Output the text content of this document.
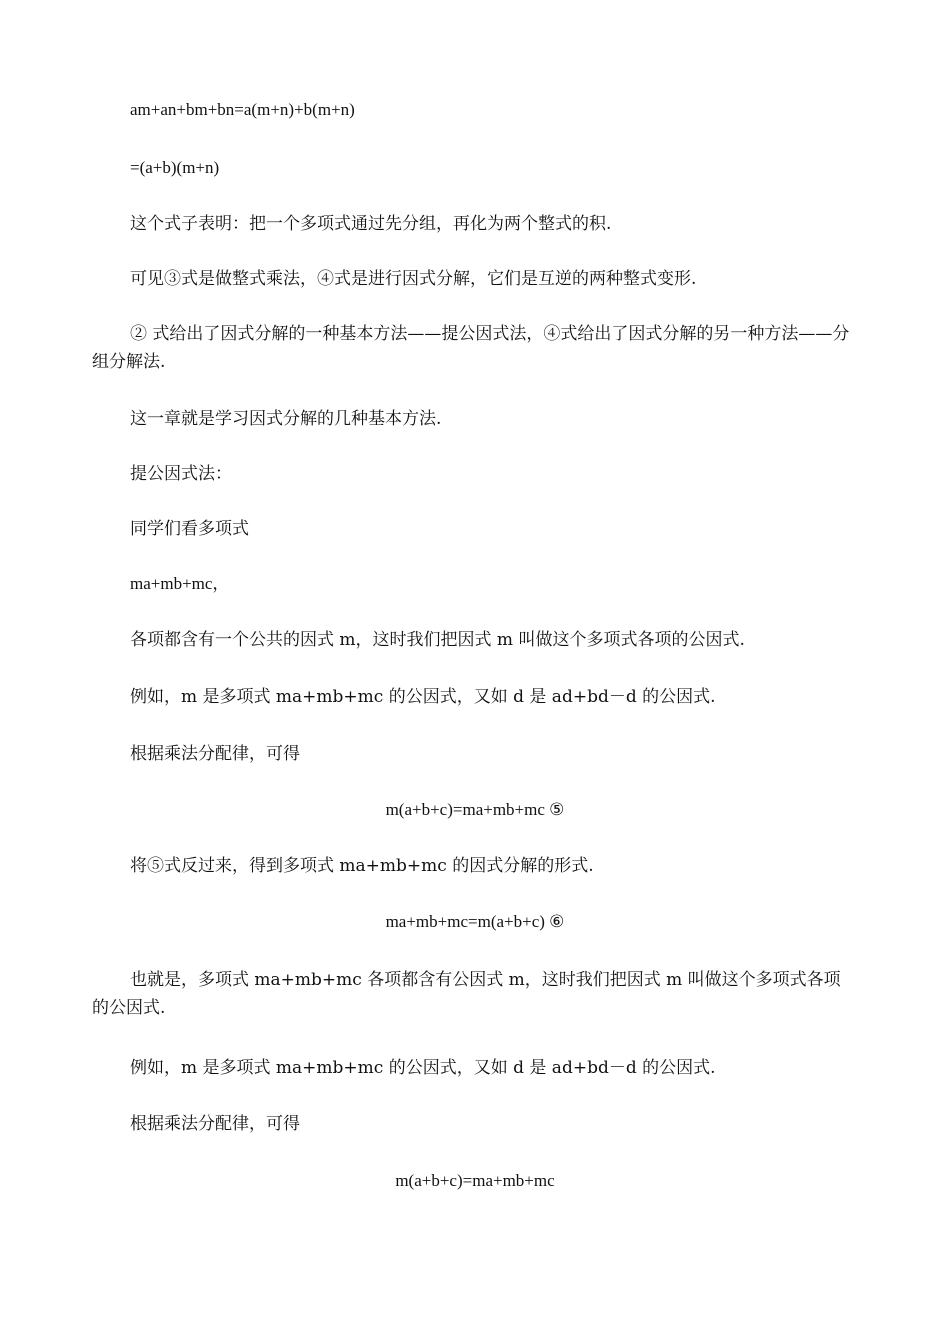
am+an+bm+bn=a(m+n)+b(m+n)
=(a+b)(m+n)
这个式子表明：把一个多项式通过先分组，再化为两个整式的积.
可见③式是做整式乘法，④式是进行因式分解，它们是互逆的两种整式变形.
② 式给出了因式分解的一种基本方法——提公因式法，④式给出了因式分解的另一种方法——分组分解法.
这一章就是学习因式分解的几种基本方法.
提公因式法：
同学们看多项式
ma+mb+mc，
各项都含有一个公共的因式 m，这时我们把因式 m 叫做这个多项式各项的公因式.
例如，m 是多项式 ma+mb+mc 的公因式，又如 d 是 ad+bd－d 的公因式.
根据乘法分配律，可得
m(a+b+c)=ma+mb+mc ⑤
将⑤式反过来，得到多项式 ma+mb+mc 的因式分解的形式.
ma+mb+mc=m(a+b+c) ⑥
也就是，多项式 ma+mb+mc 各项都含有公因式 m，这时我们把因式 m 叫做这个多项式各项的公因式.
例如，m 是多项式 ma+mb+mc 的公因式，又如 d 是 ad+bd－d 的公因式.
根据乘法分配律，可得
m(a+b+c)=ma+mb+mc
